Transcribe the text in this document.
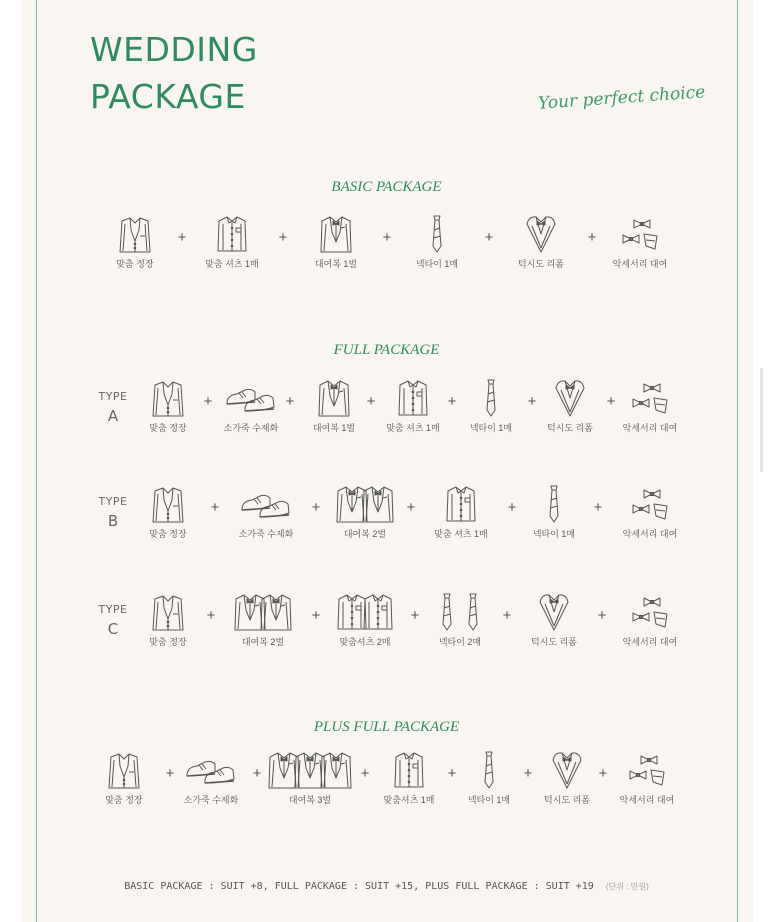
WEDDING
PACKAGE	Your perfect choice
BASIC PACKAGE
FULL PACKAGE
PLUS FULL PACKAGE
TYPE
A
TYPE
B
TYPE
C
맞춤 정장	맞춤 셔츠 1매	대여복 1벌	넥타이 1매	턱시도 리폼	악세서리 대여
+	+	+	+	+
맞춤 정장	소가죽 수제화	대여복 1벌	맞춤 셔츠 1매	넥타이 1매	턱시도 리폼	악세서리 대여
+	+	+	+	+	+
맞춤 정장	소가죽 수제화	대여복 2벌	맞춤 셔츠 1매	넥타이 1매	악세서리 대여
+	+	+	+	+
맞춤 정장	대여복 2벌	맞춤셔츠 2매	넥타이 2매	턱시도 리폼	악세서리 대여
+	+	+	+	+
맞춤 정장	소가죽 수제화	대여복 3벌	맞춤셔츠 1매	넥타이 1매	턱시도 리폼	악세서리 대여
+	+	+	+	+	+
BASIC PACKAGE : SUIT +8, FULL PACKAGE : SUIT +15, PLUS FULL PACKAGE : SUIT +19 (단위 : 만원)
